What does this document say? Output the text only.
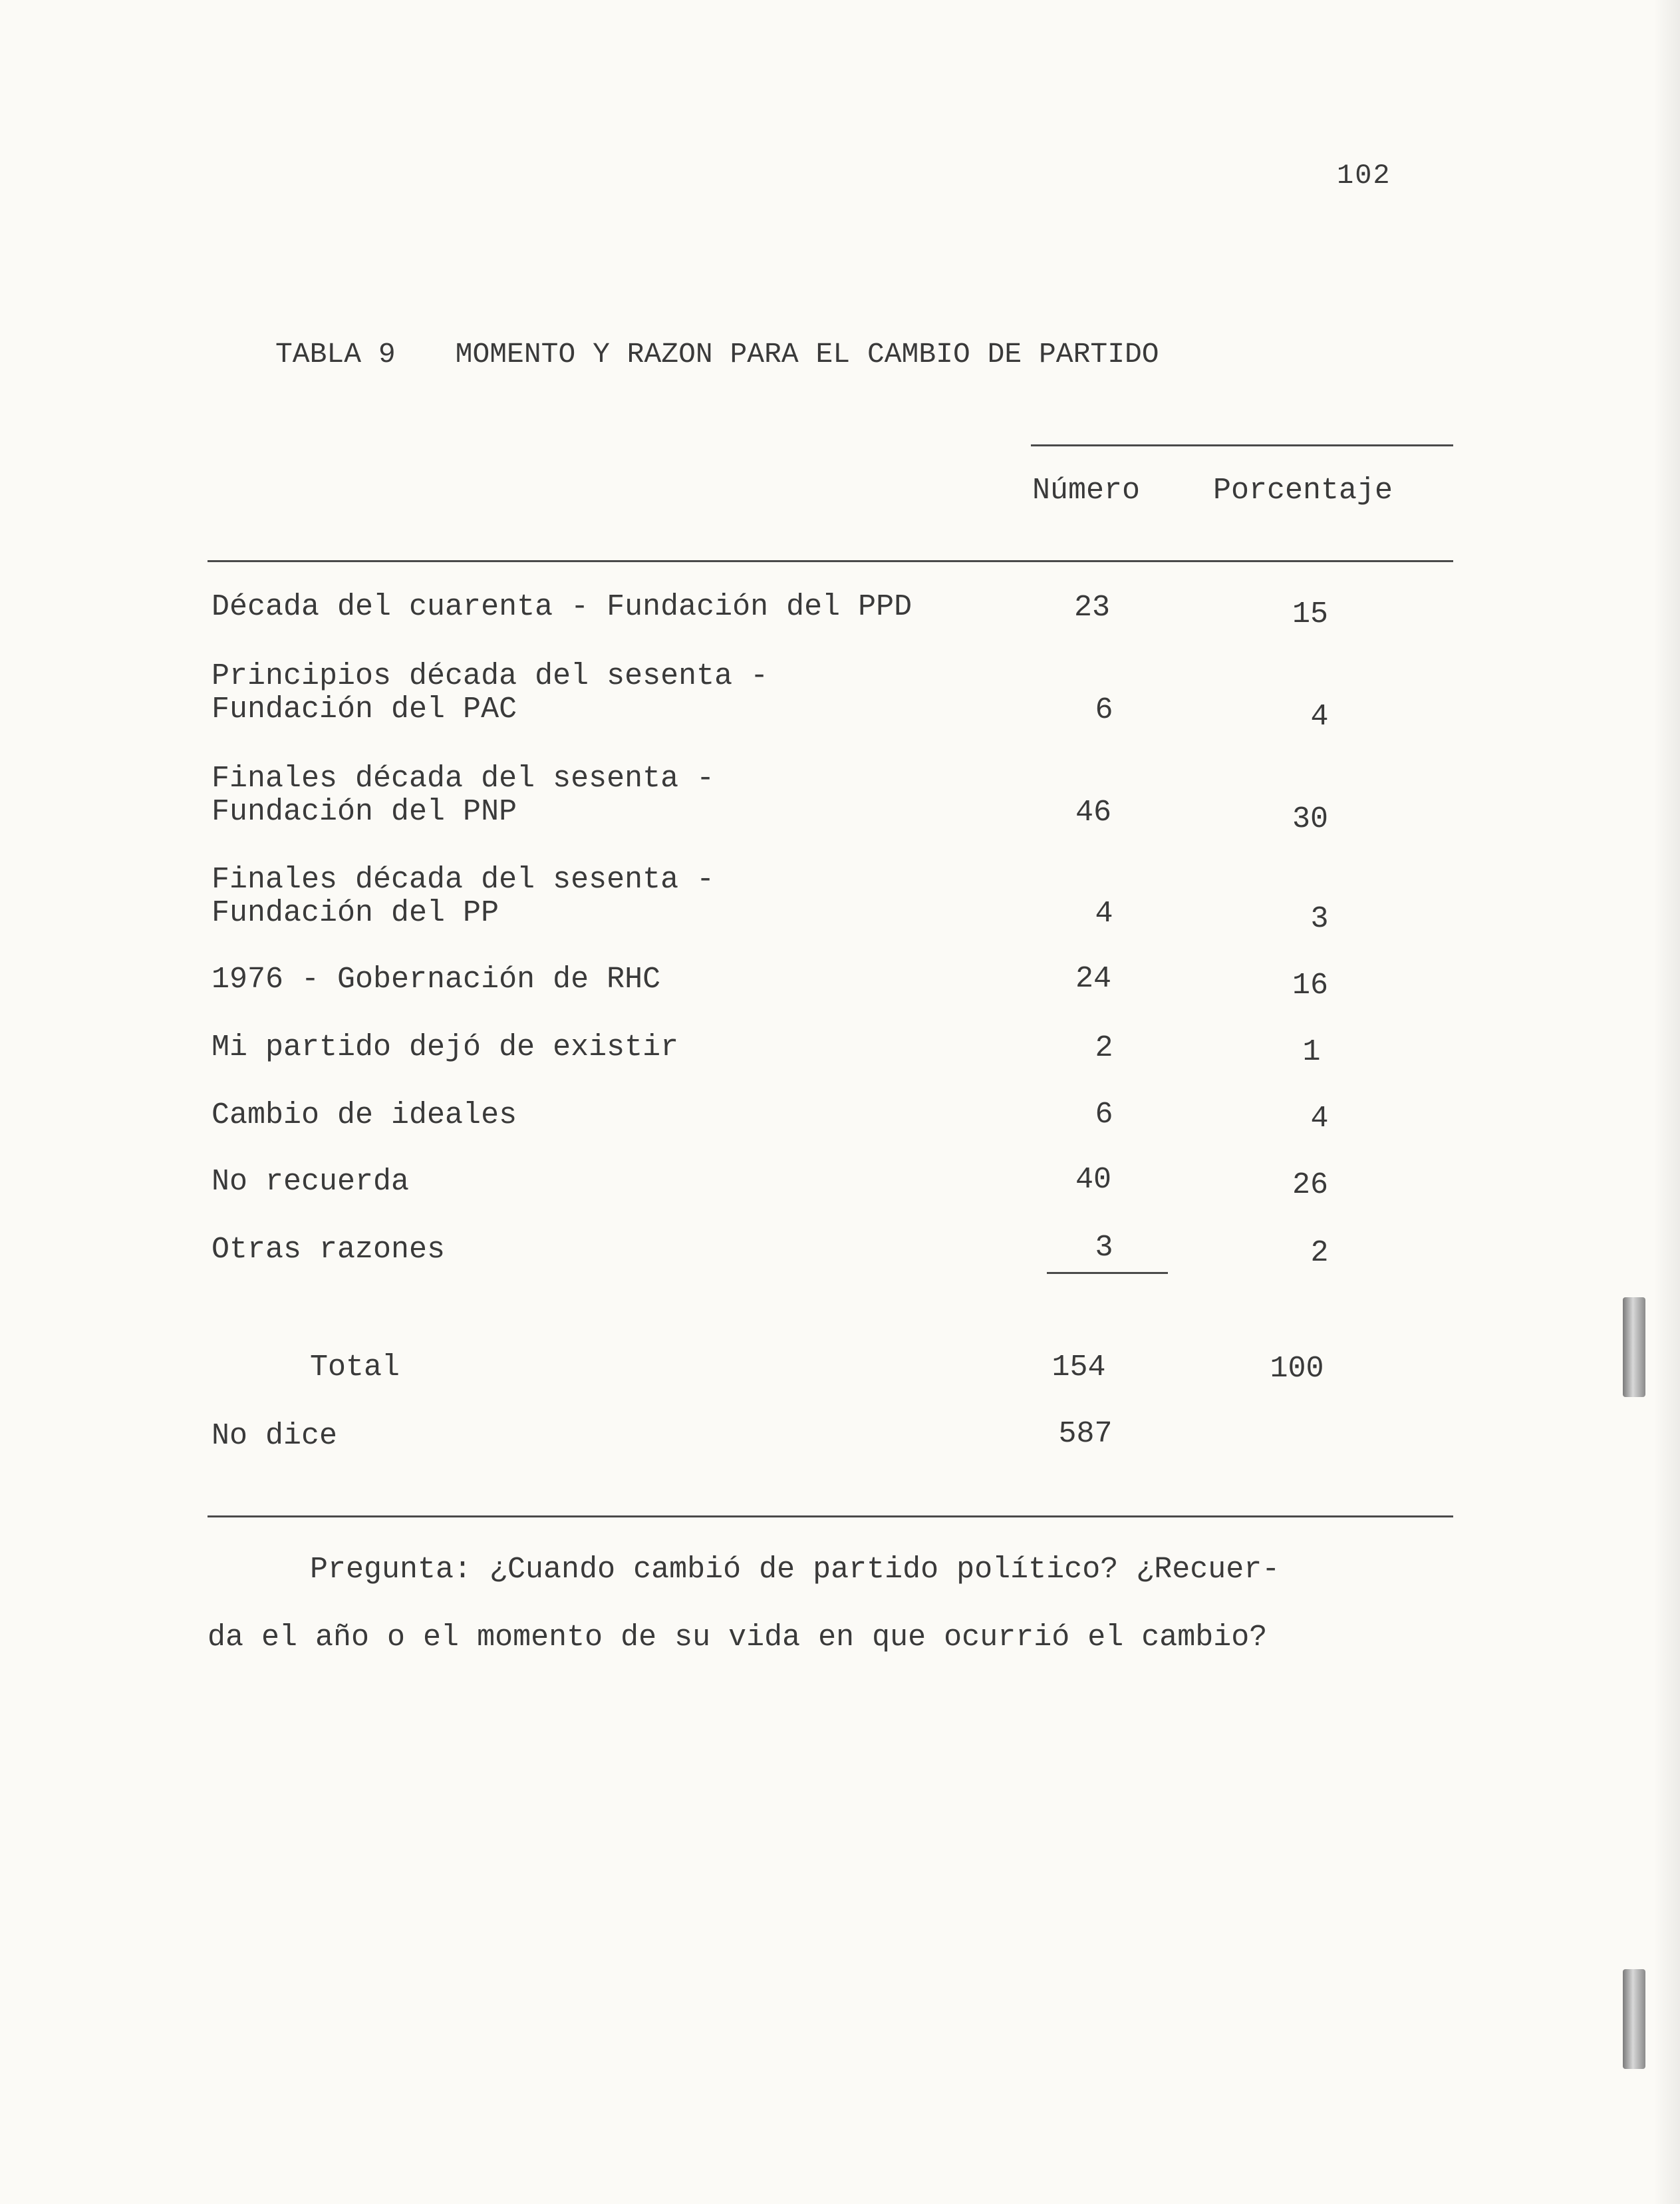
102
TABLA 9 MOMENTO Y RAZON PARA EL CAMBIO DE PARTIDO
Número Porcentaje
Década del cuarenta - Fundación del PPD	23	15
Principios década del sesenta -
Fundación del PAC	6	4
Finales década del sesenta -
Fundación del PNP	46	30
Finales década del sesenta -
Fundación del PP	4	3
1976 - Gobernación de RHC	24	16
Mi partido dejó de existir	2	1
Cambio de ideales	6	4
No recuerda	40	26
Otras razones	3	2
Total	154	100
No dice	587
Pregunta: ¿Cuando cambió de partido político? ¿Recuer-
da el año o el momento de su vida en que ocurrió el cambio?
